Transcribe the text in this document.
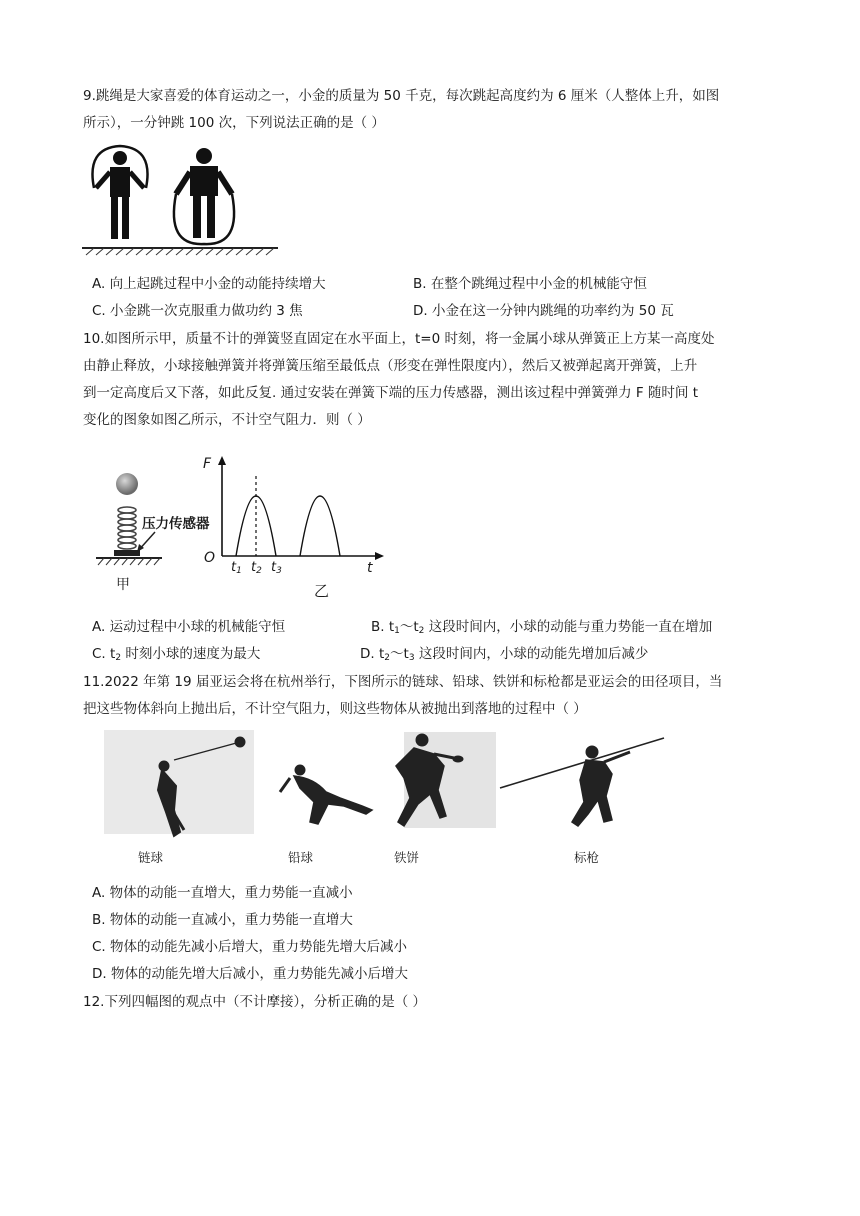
9.跳绳是大家喜爱的体育运动之一，小金的质量为 50 千克，每次跳起高度约为 6 厘米（人整体上升，如图
所示），一分钟跳 100 次，下列说法正确的是（ ）
A. 向上起跳过程中小金的动能持续增大	B. 在整个跳绳过程中小金的机械能守恒
C. 小金跳一次克服重力做功约 3 焦	D. 小金在这一分钟内跳绳的功率约为 50 瓦
10.如图所示甲，质量不计的弹簧竖直固定在水平面上，t=0 时刻，将一金属小球从弹簧正上方某一高度处
由静止释放，小球接触弹簧并将弹簧压缩至最低点（形变在弹性限度内），然后又被弹起离开弹簧，上升
到一定高度后又下落，如此反复. 通过安装在弹簧下端的压力传感器，测出该过程中弹簧弹力 F 随时间 t
变化的图象如图乙所示，不计空气阻力．则（ ）
压力传感器
甲
F
O
t
$t_1$ $t_2$ $t_3$
乙
A. 运动过程中小球的机械能守恒	B. $t_1\sim t_2$ 这段时间内，小球的动能与重力势能一直在增加
C. $t_2$ 时刻小球的速度为最大	D. $t_2\sim t_3$ 这段时间内，小球的动能先增加后减少
11.2022 年第 19 届亚运会将在杭州举行，下图所示的链球、铅球、铁饼和标枪都是亚运会的田径项目，当
把这些物体斜向上抛出后，不计空气阻力，则这些物体从被抛出到落地的过程中（ ）
链球	铅球	铁饼	标枪
A. 物体的动能一直增大，重力势能一直减小
B. 物体的动能一直减小，重力势能一直增大
C. 物体的动能先减小后增大，重力势能先增大后减小
D. 物体的动能先增大后减小，重力势能先减小后增大
12.下列四幅图的观点中（不计摩接），分析正确的是（ ）
